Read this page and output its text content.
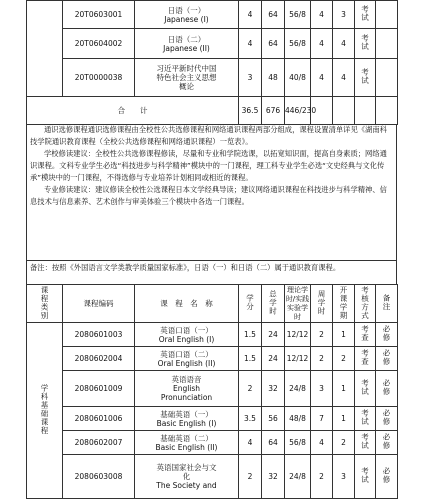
	20T0603001	日语（一）
Japanese (I)	4	64	56/8	4	3	考试	
	20T0604002	日语（二）
Japanese (II)	4	64	56/8	4	4	考试	
	20T0000038	习近平新时代中国
特色社会主义思想
概论	3	48	40/8	4	4	考试	
合　　计			36.5	676	446/230				

通识选修课程通识选修课程由全校性公共选修课程和网络通识课程两部分组成，课程设置清单详见《湖南科技学院通识教育课程（全校公共选修课程和网络通识课程）一览表》。

学校修读建议：全校性公共选修课程修读，尽量和专业和学院选课，以拓宽知识面，提高自身素质；网络通识课程。文科专业学生必选“科技进步与科学精神”模块中的一门课程，理工科专业学生必选“文史经典与文化传承”模块中的一门课程，不得选修与专业培养计划相同或相近的课程。

专业修读建议：建议修读全校性公选课程日本文学经典导读；建议网络通识课程在科技进步与科学精神、信息技术与信息素养、艺术创作与审美体验三个模块中各选一门课程。

备注：按照《外国语言文学类教学质量国家标准》，日语（一）和日语（二）属于通识教育课程。
课程类别	课程编码	课　程　名　称	学分	总学时	理论学时/实践实验学时	周学时	开课学期	考核方式	备注
学科基础课程	2080601003	英语口语（一）
Oral English (I)	1.5	24	12/12	2	1	考查	必修
	2080602004	英语口语（二）
Oral English (II)	1.5	24	12/12	2	2	考查	必修
	2080601009	英语语音
English
Pronunciation	2	32	24/8	3	1	考试	必修
	2080601006	基础英语（一）
Basic English (I)	3.5	56	48/8	7	1	考试	必修
	2080602007	基础英语（二）
Basic English (II)	4	64	56/8	4	2	考试	必修
	2080603008	英语国家社会与文
化
The Society and	2	32	24/8	2	3	考试	必修
